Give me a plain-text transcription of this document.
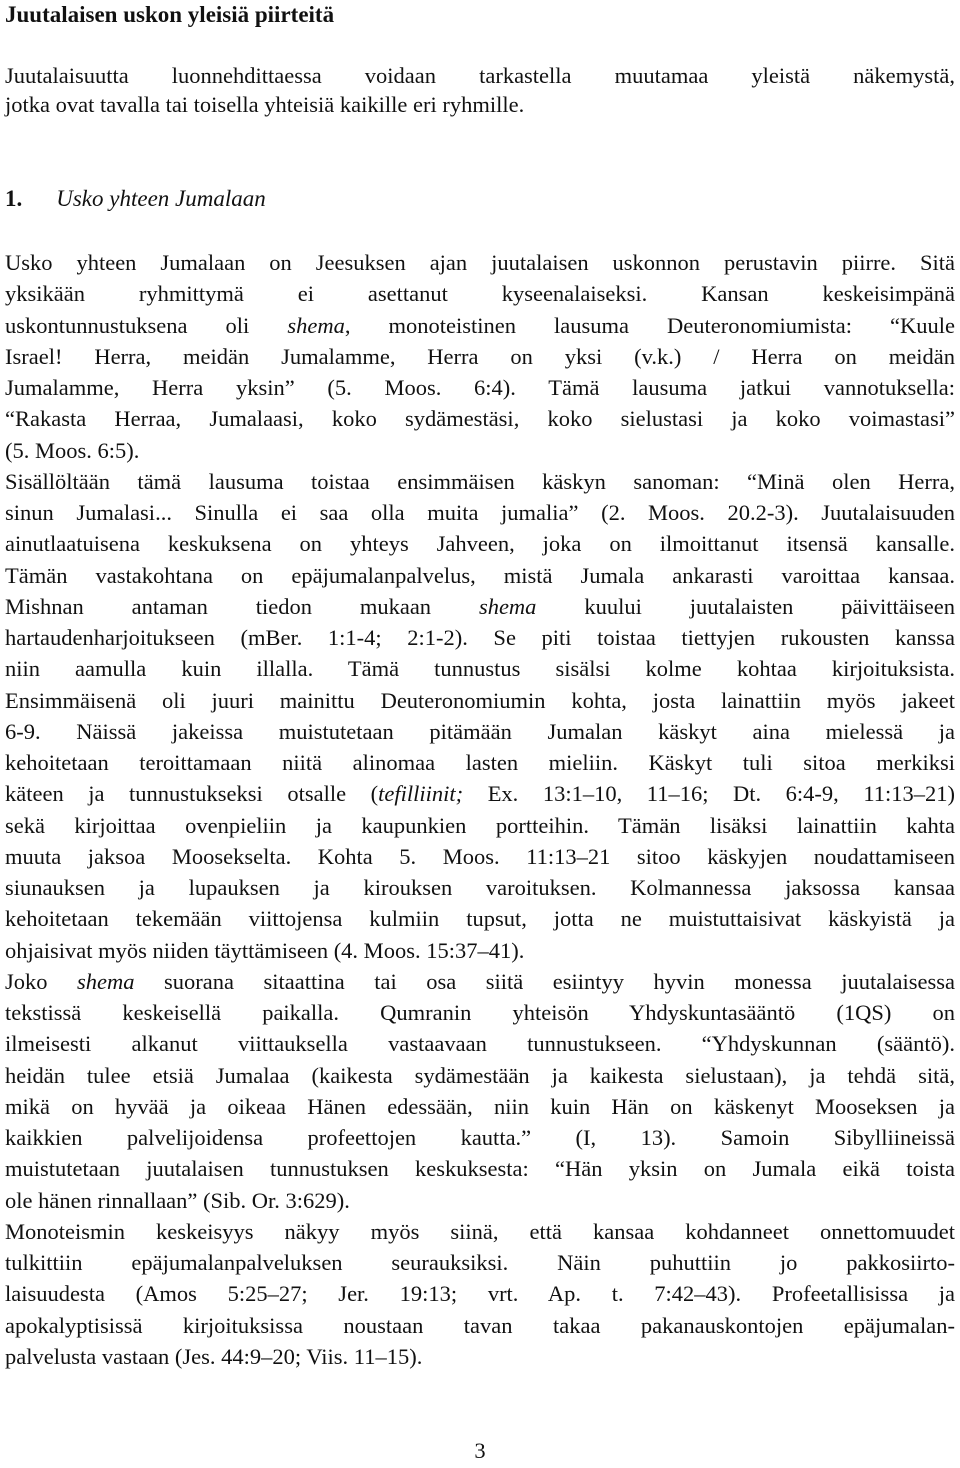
Juutalaisen uskon yleisiä piirteitä
Juutalaisuutta luonnehdittaessa voidaan tarkastella muutamaa yleistä näkemystä,
jotka ovat tavalla tai toisella yhteisiä kaikille eri ryhmille.
1. Usko yhteen Jumalaan
Usko yhteen Jumalaan on Jeesuksen ajan juutalaisen uskonnon perustavin piirre. Sitä
yksikään ryhmittymä ei asettanut kyseenalaiseksi. Kansan keskeisimpänä
uskontunnustuksena oli shema, monoteistinen lausuma Deuteronomiumista: “Kuule
Israel! Herra, meidän Jumalamme, Herra on yksi (v.k.) / Herra on meidän
Jumalamme, Herra yksin” (5. Moos. 6:4). Tämä lausuma jatkui vannotuksella:
“Rakasta Herraa, Jumalaasi, koko sydämestäsi, koko sielustasi ja koko voimastasi”
(5. Moos. 6:5).
Sisällöltään tämä lausuma toistaa ensimmäisen käskyn sanoman: “Minä olen Herra,
sinun Jumalasi... Sinulla ei saa olla muita jumalia” (2. Moos. 20.2-3). Juutalaisuuden
ainutlaatuisena keskuksena on yhteys Jahveen, joka on ilmoittanut itsensä kansalle.
Tämän vastakohtana on epäjumalanpalvelus, mistä Jumala ankarasti varoittaa kansaa.
Mishnan antaman tiedon mukaan shema kuului juutalaisten päivittäiseen
hartaudenharjoitukseen (mBer. 1:1-4; 2:1-2). Se piti toistaa tiettyjen rukousten kanssa
niin aamulla kuin illalla. Tämä tunnustus sisälsi kolme kohtaa kirjoituksista.
Ensimmäisenä oli juuri mainittu Deuteronomiumin kohta, josta lainattiin myös jakeet
6-9. Näissä jakeissa muistutetaan pitämään Jumalan käskyt aina mielessä ja
kehoitetaan teroittamaan niitä alinomaa lasten mieliin. Käskyt tuli sitoa merkiksi
käteen ja tunnustukseksi otsalle (tefilliinit; Ex. 13:1–10, 11–16; Dt. 6:4-9, 11:13–21)
sekä kirjoittaa ovenpieliin ja kaupunkien portteihin. Tämän lisäksi lainattiin kahta
muuta jaksoa Moosekselta. Kohta 5. Moos. 11:13–21 sitoo käskyjen noudattamiseen
siunauksen ja lupauksen ja kirouksen varoituksen. Kolmannessa jaksossa kansaa
kehoitetaan tekemään viittojensa kulmiin tupsut, jotta ne muistuttaisivat käskyistä ja
ohjaisivat myös niiden täyttämiseen (4. Moos. 15:37–41).
Joko shema suorana sitaattina tai osa siitä esiintyy hyvin monessa juutalaisessa
tekstissä keskeisellä paikalla. Qumranin yhteisön Yhdyskuntasääntö (1QS) on
ilmeisesti alkanut viittauksella vastaavaan tunnustukseen. “Yhdyskunnan (sääntö).
heidän tulee etsiä Jumalaa (kaikesta sydämestään ja kaikesta sielustaan), ja tehdä sitä,
mikä on hyvää ja oikeaa Hänen edessään, niin kuin Hän on käskenyt Mooseksen ja
kaikkien palvelijoidensa profeettojen kautta.” (I, 13). Samoin Sibylliineissä
muistutetaan juutalaisen tunnustuksen keskuksesta: “Hän yksin on Jumala eikä toista
ole hänen rinnallaan” (Sib. Or. 3:629).
Monoteismin keskeisyys näkyy myös siinä, että kansaa kohdanneet onnettomuudet
tulkittiin epäjumalanpalveluksen seurauksiksi. Näin puhuttiin jo pakkosiirto-
laisuudesta (Amos 5:25–27; Jer. 19:13; vrt. Ap. t. 7:42–43). Profeetallisissa ja
apokalyptisissä kirjoituksissa noustaan tavan takaa pakanauskontojen epäjumalan-
palvelusta vastaan (Jes. 44:9–20; Viis. 11–15).
3
